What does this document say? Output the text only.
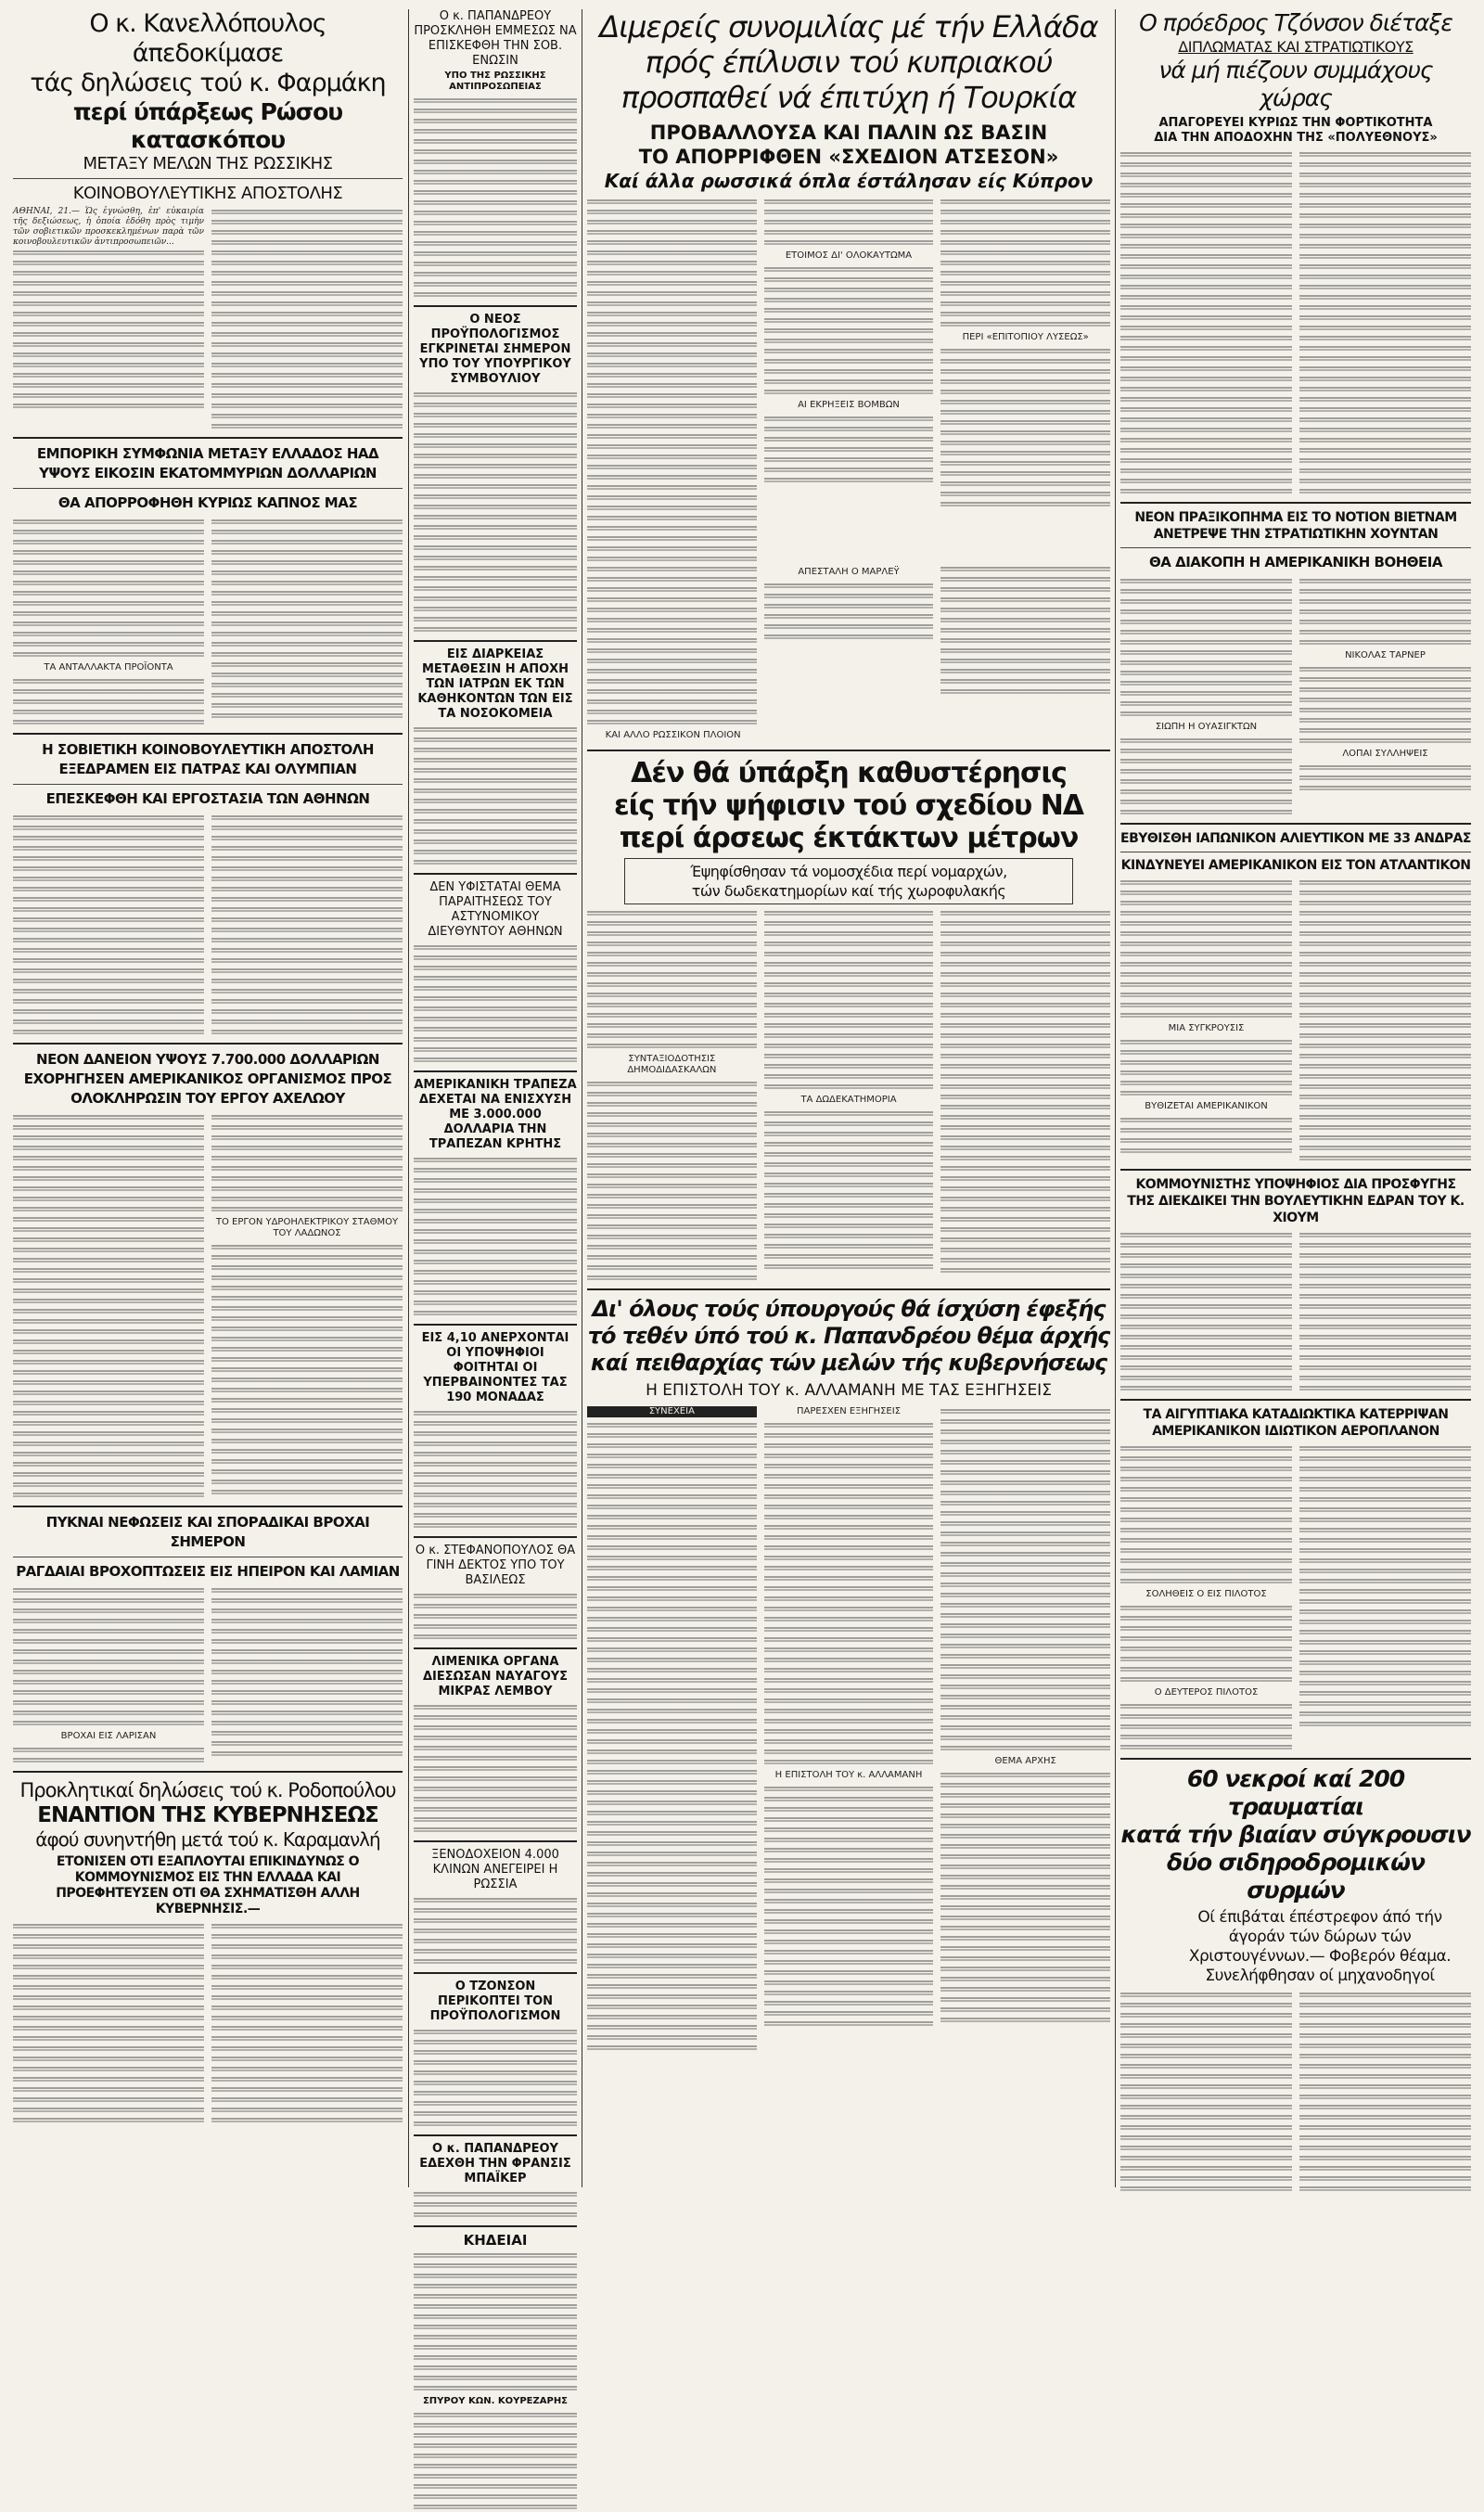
Ο κ. Κανελλόπουλος άπεδοκίμασε
τάς δηλώσεις τού κ. Φαρμάκη
περί ύπάρξεως Ρώσου κατασκόπου
ΜΕΤΑΞΥ ΜΕΛΩΝ ΤΗΣ ΡΩΣΣΙΚΗΣ
ΚΟΙΝΟΒΟΥΛΕΥΤΙΚΗΣ ΑΠΟΣΤΟΛΗΣ
ΑΘΗΝΑΙ, 21.— Ὡς ἐγνώσθη, ἐπ' εὐκαιρία τῆς δεξιώσεως, ἡ ὁποία ἐδόθη πρὸς τιμὴν τῶν σοβιετικῶν προσκεκλημένων παρὰ τῶν κοινοβουλευτικῶν ἀντιπροσωπειῶν...
ΕΜΠΟΡΙΚΗ ΣΥΜΦΩΝΙΑ ΜΕΤΑΞΥ ΕΛΛΑΔΟΣ ΗΑΔ ΥΨΟΥΣ ΕΙΚΟΣΙΝ ΕΚΑΤΟΜΜΥΡΙΩΝ ΔΟΛΛΑΡΙΩΝ
ΘΑ ΑΠΟΡΡΟΦΗΘΗ ΚΥΡΙΩΣ ΚΑΠΝΟΣ ΜΑΣ
ΤΑ ΑΝΤΑΛΛΑΚΤΑ ΠΡΟΪΟΝΤΑ
Η ΣΟΒΙΕΤΙΚΗ ΚΟΙΝΟΒΟΥΛΕΥΤΙΚΗ ΑΠΟΣΤΟΛΗ ΕΞΕΔΡΑΜΕΝ ΕΙΣ ΠΑΤΡΑΣ ΚΑΙ ΟΛΥΜΠΙΑΝ
ΕΠΕΣΚΕΦΘΗ ΚΑΙ ΕΡΓΟΣΤΑΣΙΑ ΤΩΝ ΑΘΗΝΩΝ
ΝΕΟΝ ΔΑΝΕΙΟΝ ΥΨΟΥΣ 7.700.000 ΔΟΛΛΑΡΙΩΝ ΕΧΟΡΗΓΗΣΕΝ ΑΜΕΡΙΚΑΝΙΚΟΣ ΟΡΓΑΝΙΣΜΟΣ ΠΡΟΣ ΟΛΟΚΛΗΡΩΣΙΝ ΤΟΥ ΕΡΓΟΥ ΑΧΕΛΩΟΥ
ΤΟ ΕΡΓΟΝ ΥΔΡΟΗΛΕΚΤΡΙΚΟΥ ΣΤΑΘΜΟΥ ΤΟΥ ΛΑΔΩΝΟΣ
ΠΥΚΝΑΙ ΝΕΦΩΣΕΙΣ ΚΑΙ ΣΠΟΡΑΔΙΚΑΙ ΒΡΟΧΑΙ ΣΗΜΕΡΟΝ
ΡΑΓΔΑΙΑΙ ΒΡΟΧΟΠΤΩΣΕΙΣ ΕΙΣ ΗΠΕΙΡΟΝ ΚΑΙ ΛΑΜΙΑΝ
ΒΡΟΧΑΙ ΕΙΣ ΛΑΡΙΣΑΝ
Προκλητικαί δηλώσεις τού κ. Ροδοπούλου
ΕΝΑΝΤΙΟΝ ΤΗΣ ΚΥΒΕΡΝΗΣΕΩΣ
άφού συνηντήθη μετά τού κ. Καραμανλή
ΕΤΟΝΙΣΕΝ ΟΤΙ ΕΞΑΠΛΟΥΤΑΙ ΕΠΙΚΙΝΔΥΝΩΣ Ο ΚΟΜΜΟΥΝΙΣΜΟΣ ΕΙΣ ΤΗΝ ΕΛΛΑΔΑ ΚΑΙ ΠΡΟΕΦΗΤΕΥΣΕΝ ΟΤΙ ΘΑ ΣΧΗΜΑΤΙΣΘΗ ΑΛΛΗ ΚΥΒΕΡΝΗΣΙΣ.—
Ο κ. ΠΑΠΑΝΔΡΕΟΥ ΠΡΟΣΚΛΗΘΗ ΕΜΜΕΣΩΣ ΝΑ ΕΠΙΣΚΕΦΘΗ ΤΗΝ ΣΟΒ. ΕΝΩΣΙΝ
ΥΠΟ ΤΗΣ ΡΩΣΣΙΚΗΣ ΑΝΤΙΠΡΟΣΩΠΕΙΑΣ
Ο ΝΕΟΣ ΠΡΟΫΠΟΛΟΓΙΣΜΟΣ ΕΓΚΡΙΝΕΤΑΙ ΣΗΜΕΡΟΝ ΥΠΟ ΤΟΥ ΥΠΟΥΡΓΙΚΟΥ ΣΥΜΒΟΥΛΙΟΥ
ΕΙΣ ΔΙΑΡΚΕΙΑΣ ΜΕΤΑΘΕΣΙΝ Η ΑΠΟΧΗ ΤΩΝ ΙΑΤΡΩΝ ΕΚ ΤΩΝ ΚΑΘΗΚΟΝΤΩΝ ΤΩΝ ΕΙΣ ΤΑ ΝΟΣΟΚΟΜΕΙΑ
ΔΕΝ ΥΦΙΣΤΑΤΑΙ ΘΕΜΑ ΠΑΡΑΙΤΗΣΕΩΣ ΤΟΥ ΑΣΤΥΝΟΜΙΚΟΥ ΔΙΕΥΘΥΝΤΟΥ ΑΘΗΝΩΝ
ΑΜΕΡΙΚΑΝΙΚΗ ΤΡΑΠΕΖΑ ΔΕΧΕΤΑΙ ΝΑ ΕΝΙΣΧΥΣΗ ΜΕ 3.000.000 ΔΟΛΛΑΡΙΑ ΤΗΝ ΤΡΑΠΕΖΑΝ ΚΡΗΤΗΣ
ΕΙΣ 4,10 ΑΝΕΡΧΟΝΤΑΙ ΟΙ ΥΠΟΨΗΦΙΟΙ ΦΟΙΤΗΤΑΙ ΟΙ ΥΠΕΡΒΑΙΝΟΝΤΕΣ ΤΑΣ 190 ΜΟΝΑΔΑΣ
Ο κ. ΣΤΕΦΑΝΟΠΟΥΛΟΣ ΘΑ ΓΙΝΗ ΔΕΚΤΟΣ ΥΠΟ ΤΟΥ ΒΑΣΙΛΕΩΣ
ΛΙΜΕΝΙΚΑ ΟΡΓΑΝΑ ΔΙΕΣΩΣΑΝ ΝΑΥΑΓΟΥΣ ΜΙΚΡΑΣ ΛΕΜΒΟΥ
ΞΕΝΟΔΟΧΕΙΟΝ 4.000 ΚΛΙΝΩΝ ΑΝΕΓΕΙΡΕΙ Η ΡΩΣΣΙΑ
Ο ΤΖΟΝΣΟΝ ΠΕΡΙΚΟΠΤΕΙ ΤΟΝ ΠΡΟΫΠΟΛΟΓΙΣΜΟΝ
Ο κ. ΠΑΠΑΝΔΡΕΟΥ ΕΔΕΧΘΗ ΤΗΝ ΦΡΑΝΣΙΣ ΜΠΑΪΚΕΡ
ΚΗΔΕΙΑΙ
ΣΠΥΡΟΥ ΚΩΝ. ΚΟΥΡΕΖΑΡΗΣ
Διμερείς συνομιλίας μέ τήν Ελλάδα
πρός έπίλυσιν τού κυπριακού
προσπαθεί νά έπιτύχη ή Τουρκία
ΠΡΟΒΑΛΛΟΥΣΑ ΚΑΙ ΠΑΛΙΝ ΩΣ ΒΑΣΙΝ
ΤΟ ΑΠΟΡΡΙΦΘΕΝ «ΣΧΕΔΙΟΝ ΑΤΣΕΣΟΝ»
Καί άλλα ρωσσικά όπλα έστάλησαν είς Κύπρον
ΕΤΟΙΜΟΣ ΔΙ' ΟΛΟΚΑΥΤΩΜΑ
ΑΙ ΕΚΡΗΞΕΙΣ ΒΟΜΒΩΝ
ΠΕΡΙ «ΕΠΙΤΟΠΙΟΥ ΛΥΣΕΩΣ»
ΑΠΕΣΤΑΛΗ Ο ΜΑΡΛΕΫ
ΚΑΙ ΑΛΛΟ ΡΩΣΣΙΚΟΝ ΠΛΟΙΟΝ
Δέν θά ύπάρξη καθυστέρησις
είς τήν ψήφισιν τού σχεδίου ΝΔ
περί άρσεως έκτάκτων μέτρων
Έψηφίσθησαν τά νομοσχέδια περί νομαρχών,
τών δωδεκατημορίων καί τής χωροφυλακής
ΣΥΝΤΑΞΙΟΔΟΤΗΣΙΣ ΔΗΜΟΔΙΔΑΣΚΑΛΩΝ
ΤΑ ΔΩΔΕΚΑΤΗΜΟΡΙΑ
Δι' όλους τούς ύπουργούς θά ίσχύση έφεξής
τό τεθέν ύπό τού κ. Παπανδρέου θέμα άρχής
καί πειθαρχίας τών μελών τής κυβερνήσεως
Η ΕΠΙΣΤΟΛΗ ΤΟΥ κ. ΑΛΛΑΜΑΝΗ ΜΕ ΤΑΣ ΕΞΗΓΗΣΕΙΣ
ΣΥΝΕΧΕΙΑ	ΠΑΡΕΣΧΕΝ ΕΞΗΓΗΣΕΙΣ
Η ΕΠΙΣΤΟΛΗ ΤΟΥ κ. ΑΛΛΑΜΑΝΗ
ΘΕΜΑ ΑΡΧΗΣ
Ο πρόεδρος Τζόνσον διέταξε
ΔΙΠΛΩΜΑΤΑΣ ΚΑΙ ΣΤΡΑΤΙΩΤΙΚΟΥΣ
νά μή πιέζουν συμμάχους χώρας
ΑΠΑΓΟΡΕΥΕΙ ΚΥΡΙΩΣ ΤΗΝ ΦΟΡΤΙΚΟΤΗΤΑ
ΔΙΑ ΤΗΝ ΑΠΟΔΟΧΗΝ ΤΗΣ «ΠΟΛΥΕΘΝΟΥΣ»
ΝΕΟΝ ΠΡΑΞΙΚΟΠΗΜΑ ΕΙΣ ΤΟ ΝΟΤΙΟΝ ΒΙΕΤΝΑΜ ΑΝΕΤΡΕΨΕ ΤΗΝ ΣΤΡΑΤΙΩΤΙΚΗΝ ΧΟΥΝΤΑΝ
ΘΑ ΔΙΑΚΟΠΗ Η ΑΜΕΡΙΚΑΝΙΚΗ ΒΟΗΘΕΙΑ
ΣΙΩΠΗ Η ΟΥΑΣΙΓΚΤΩΝ
ΝΙΚΟΛΑΣ ΤΑΡΝΕΡ
ΛΟΠΑΙ ΣΥΛΛΗΨΕΙΣ
ΕΒΥΘΙΣΘΗ ΙΑΠΩΝΙΚΟΝ ΑΛΙΕΥΤΙΚΟΝ ΜΕ 33 ΑΝΔΡΑΣ
ΚΙΝΔΥΝΕΥΕΙ ΑΜΕΡΙΚΑΝΙΚΟΝ ΕΙΣ ΤΟΝ ΑΤΛΑΝΤΙΚΟΝ
ΜΙΑ ΣΥΓΚΡΟΥΣΙΣ
ΒΥΘΙΖΕΤΑΙ ΑΜΕΡΙΚΑΝΙΚΟΝ
ΚΟΜΜΟΥΝΙΣΤΗΣ ΥΠΟΨΗΦΙΟΣ ΔΙΑ ΠΡΟΣΦΥΓΗΣ ΤΗΣ ΔΙΕΚΔΙΚΕΙ ΤΗΝ ΒΟΥΛΕΥΤΙΚΗΝ ΕΔΡΑΝ ΤΟΥ Κ. ΧΙΟΥΜ
ΤΑ ΑΙΓΥΠΤΙΑΚΑ ΚΑΤΑΔΙΩΚΤΙΚΑ ΚΑΤΕΡΡΙΨΑΝ ΑΜΕΡΙΚΑΝΙΚΟΝ ΙΔΙΩΤΙΚΟΝ ΑΕΡΟΠΛΑΝΟΝ
ΣΟΛΗΘΕΙΣ Ο ΕΙΣ ΠΙΛΟΤΟΣ
Ο ΔΕΥΤΕΡΟΣ ΠΙΛΟΤΟΣ
60 νεκροί καί 200 τραυματίαι
κατά τήν βιαίαν σύγκρουσιν
δύο σιδηροδρομικών συρμών
Οί έπιβάται έπέστρεφον άπό τήν άγοράν τών δώρων τών Χριστουγέννων.— Φοβερόν θέαμα. Συνελήφθησαν οί μηχανοδηγοί
